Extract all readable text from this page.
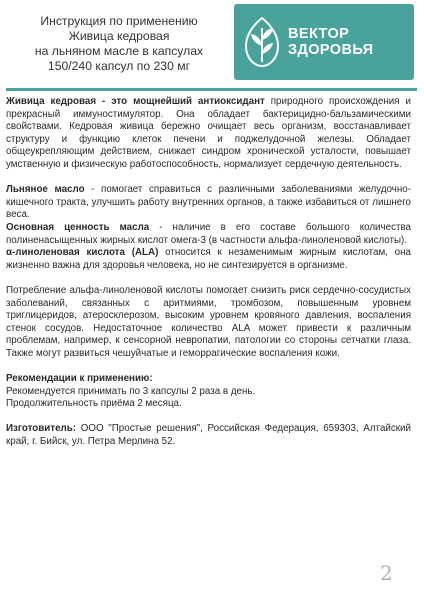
Инструкция по применению
Живица кедровая
на льняном масле в капсулах
150/240 капсул по 230 мг
ВЕКТОР
ЗДОРОВЬЯ

Живица кедровая - это мощнейший антиоксидант природного происхождения и прекрасный иммуностимулятор. Она обладает бактерицидно-бальзамическими свойствами. Кедровая живица бережно очищает весь организм, восстанавливает структуру и функцию клеток печени и поджелудочной железы. Обладает общеукрепляющим действием, снижает синдром хронической усталости, повышает умственную и физическую работоспособность, нормализует сердечную деятельность.

Льняное масло - помогает справиться с различными заболеваниями желудочно-кишечного тракта, улучшить работу внутренних органов, а также избавиться от лишнего веса.

Основная ценность масла - наличие в его составе большого количества полиненасыщенных жирных кислот омега-3 (в частности альфа-линоленовой кислоты).

α-линоленовая кислота (ALA) относится к незаменимым жирным кислотам, она жизненно важна для здоровья человека, но не синтезируется в организме.

Потребление альфа-линоленовой кислоты помогает снизить риск сердечно-сосудистых заболеваний, связанных с аритмиями, тромбозом, повышенным уровнем триглицеридов, атеросклерозом, высоким уровнем кровяного давления, воспаления стенок сосудов. Недостаточное количество ALA может привести к различным проблемам, например, к сенсорной невропатии, патологии со стороны сетчатки глаза. Также могут развиться чешуйчатые и геморрагические воспаления кожи.

Рекомендации к применению:

Рекомендуется принимать по 3 капсулы 2 раза в день.

Продолжительность приёма 2 месяца.

Изготовитель: ООО "Простые решения", Российская Федерация, 659303, Алтайский край, г. Бийск, ул. Петра Мерлина 52.

2
